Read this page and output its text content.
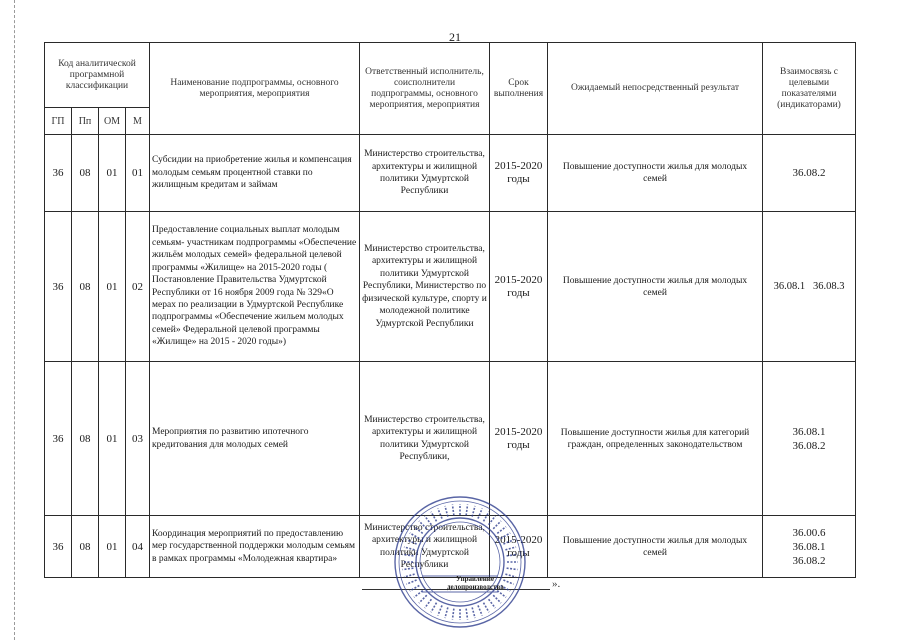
21
Код аналитической программной классификации				Наименование подпрограммы, основного мероприятия, мероприятия	Ответственный исполнитель, соисполнители подпрограммы, основного мероприятия, мероприятия	Срок выполнения	Ожидаемый непосредственный результат	Взаимосвязь с целевыми показателями (индикаторами)
ГП	Пп	ОМ	М					
36	08	01	01	Субсидии на приобретение жилья и компенсация молодым семьям процентной ставки по жилищным кредитам и займам	Министерство строительства, архитектуры и жилищной политики Удмуртской Республики	2015-2020 годы	Повышение доступности жилья для молодых семей	36.08.2

36	08	01	02	Предоставление социальных выплат молодым семьям- участникам подпрограммы «Обеспечение жильём молодых семей» федеральной целевой программы «Жилище» на 2015-2020 годы ( Постановление Правительства Удмуртской Республики от 16 ноября 2009 года № 329«О мерах по реализации в Удмуртской Республике подпрограммы «Обеспечение жильем молодых семей» Федеральной целевой программы «Жилище» на 2015 - 2020 годы»)	Министерство строительства, архитектуры и жилищной политики Удмуртской Республики, Министерство по физической культуре, спорту и молодежной политике Удмуртской Республики	2015-2020 годы	Повышение доступности жилья для молодых семей	36.08.1   36.08.3

36	08	01	03	Мероприятия по развитию ипотечного кредитования для молодых семей	Министерство строительства, архитектуры и жилищной политики Удмуртской Республики,	2015-2020 годы	Повышение доступности жилья для категорий граждан, определенных законодательством	36.08.1
36.08.2

36	08	01	04	Координация мероприятий по предоставлению мер государственной поддержки молодым семьям в рамках программы «Молодежная квартира»	Министерство строительства, архитектуры и жилищной политики Удмуртской Республики	2015-2020 годы	Повышение доступности жилья для молодых семей	36.00.6
36.08.1
36.08.2
».
Управление делопроизводства
